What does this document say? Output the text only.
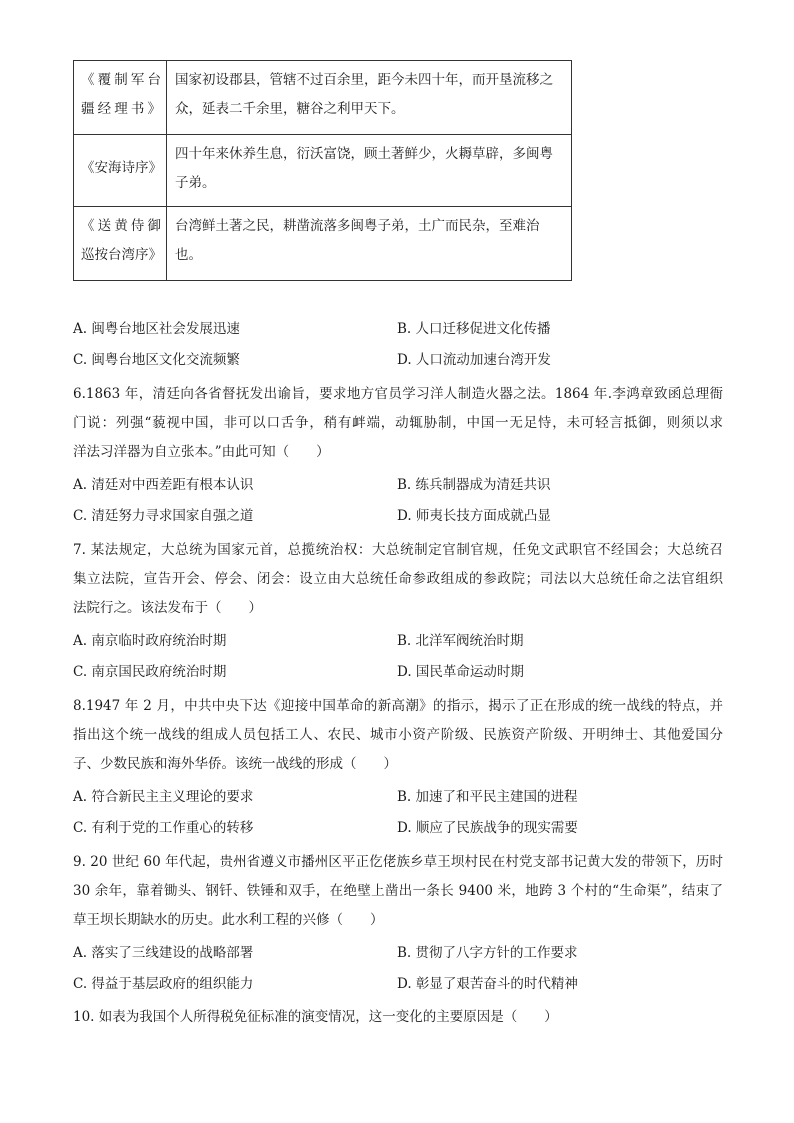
《覆制军台疆经理书》	国家初设郡县，管辖不过百余里，距今未四十年，而开垦流移之众，延表二千余里，糖谷之利甲天下。
《安海诗序》	四十年来休养生息，衍沃富饶，顾土著鲜少，火耨草辟，多闽粤子弟。
《送黄侍御巡按台湾序》	台湾鲜土著之民，耕凿流落多闽粤子弟，土广而民杂，至难治也。
A. 闽粤台地区社会发展迅速	B. 人口迁移促进文化传播
C. 闽粤台地区文化交流频繁	D. 人口流动加速台湾开发
6.1863 年，清廷向各省督抚发出谕旨，要求地方官员学习洋人制造火器之法。1864 年.李鸿章致函总理衙
门说：列强“藐视中国，非可以口舌争，稍有衅端，动辄胁制，中国一无足恃，未可轻言抵御，则须以求
洋法习洋器为自立张本。”由此可知（　　）
A. 清廷对中西差距有根本认识	B. 练兵制器成为清廷共识
C. 清廷努力寻求国家自强之道	D. 师夷长技方面成就凸显
7. 某法规定，大总统为国家元首，总揽统治权：大总统制定官制官规，任免文武职官不经国会；大总统召
集立法院，宣告开会、停会、闭会：设立由大总统任命参政组成的参政院；司法以大总统任命之法官组织
法院行之。该法发布于（　　）
A. 南京临时政府统治时期	B. 北洋军阀统治时期
C. 南京国民政府统治时期	D. 国民革命运动时期
8.1947 年 2 月，中共中央下达《迎接中国革命的新高潮》的指示，揭示了正在形成的统一战线的特点，并
指出这个统一战线的组成人员包括工人、农民、城市小资产阶级、民族资产阶级、开明绅士、其他爱国分
子、少数民族和海外华侨。该统一战线的形成（　　）
A. 符合新民主主义理论的要求	B. 加速了和平民主建国的进程
C. 有利于党的工作重心的转移	D. 顺应了民族战争的现实需要
9. 20 世纪 60 年代起，贵州省遵义市播州区平正仡佬族乡草王坝村民在村党支部书记黄大发的带领下，历时
30 余年，靠着锄头、钢钎、铁锤和双手，在绝壁上凿出一条长 9400 米，地跨 3 个村的“生命渠”，结束了
草王坝长期缺水的历史。此水利工程的兴修（　　）
A. 落实了三线建设的战略部署	B. 贯彻了八字方针的工作要求
C. 得益于基层政府的组织能力	D. 彰显了艰苦奋斗的时代精神
10. 如表为我国个人所得税免征标准的演变情况，这一变化的主要原因是（　　）
